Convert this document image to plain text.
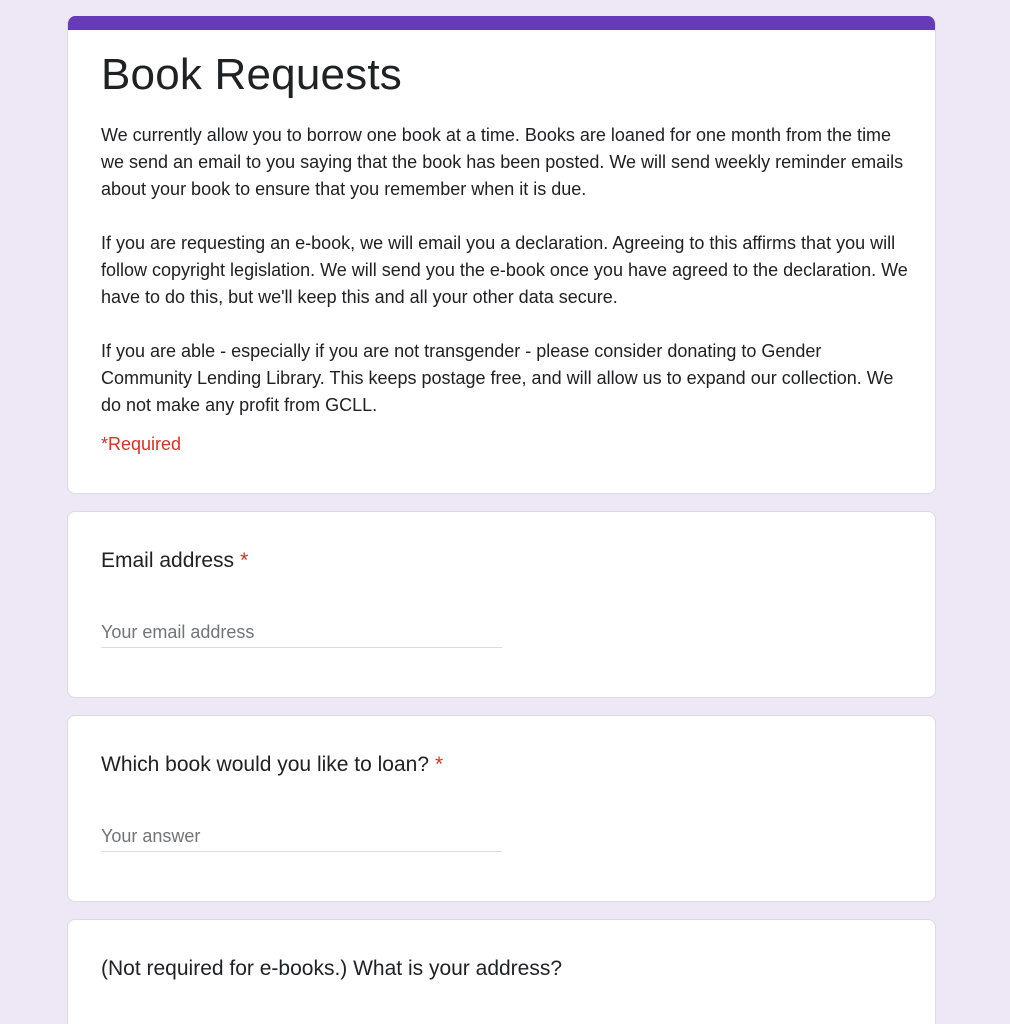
Book Requests

We currently allow you to borrow one book at a time. Books are loaned for one month from the time we send an email to you saying that the book has been posted. We will send weekly reminder emails about your book to ensure that you remember when it is due.

If you are requesting an e-book, we will email you a declaration. Agreeing to this affirms that you will follow copyright legislation. We will send you the e-book once you have agreed to the declaration. We have to do this, but we'll keep this and all your other data secure.

If you are able - especially if you are not transgender - please consider donating to Gender Community Lending Library. This keeps postage free, and will allow us to expand our collection. We do not make any profit from GCLL.

*Required
Email address *
Your email address
Which book would you like to loan? *
Your answer
(Not required for e-books.) What is your address?
